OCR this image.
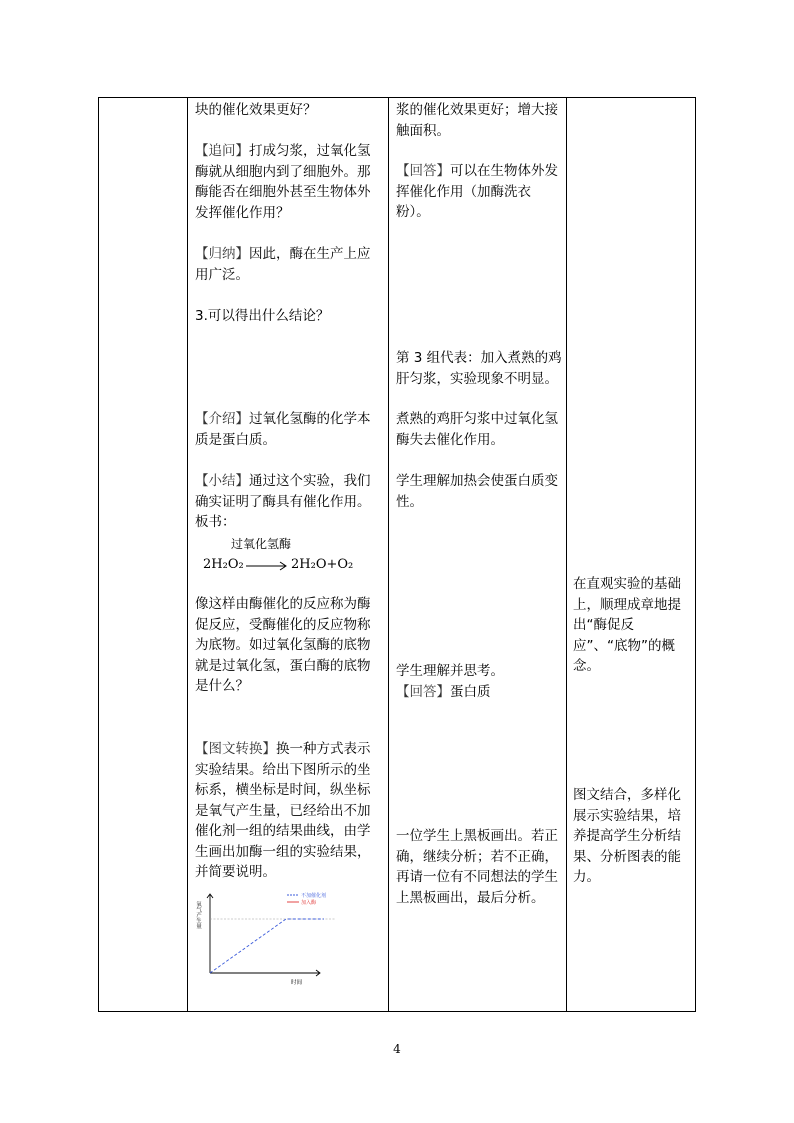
块的催化效果更好？
【追问】打成匀浆，过氧化氢酶就从细胞内到了细胞外。那酶能否在细胞外甚至生物体外发挥催化作用？
【归纳】因此，酶在生产上应用广泛。
3.可以得出什么结论？
【介绍】过氧化氢酶的化学本质是蛋白质。
【小结】通过这个实验，我们确实证明了酶具有催化作用。
板书：
像这样由酶催化的反应称为酶促反应，受酶催化的反应物称为底物。如过氧化氢酶的底物就是过氧化氢，蛋白酶的底物是什么？
【图文转换】换一种方式表示实验结果。给出下图所示的坐标系，横坐标是时间，纵坐标是氧气产生量，已经给出不加催化剂一组的结果曲线，由学生画出加酶一组的实验结果，并简要说明。
过氧化氢酶
2H₂O₂ → 2H₂O+O₂
氧气产生量
时间
不加催化剂
加入酶

浆的催化效果更好；增大接触面积。
【回答】可以在生物体外发挥催化作用（加酶洗衣粉）。
第 3 组代表：加入煮熟的鸡肝匀浆，实验现象不明显。
煮熟的鸡肝匀浆中过氧化氢酶失去催化作用。
学生理解加热会使蛋白质变性。
学生理解并思考。
【回答】蛋白质
一位学生上黑板画出。若正确，继续分析；若不正确，再请一位有不同想法的学生上黑板画出，最后分析。

在直观实验的基础上，顺理成章地提出“酶促反应”、“底物”的概念。
图文结合，多样化展示实验结果，培养提高学生分析结果、分析图表的能力。
4
